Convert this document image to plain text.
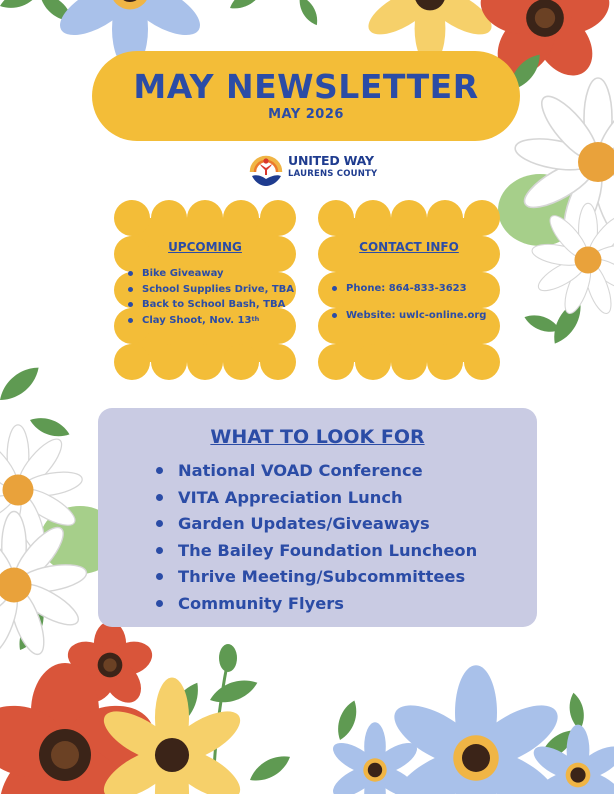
MAY NEWSLETTER
MAY 2026
UNITED WAY
LAURENS COUNTY
UPCOMING
Bike Giveaway
School Supplies Drive, TBA
Back to School Bash, TBA
Clay Shoot, Nov. 13th
CONTACT INFO
Phone: 864-833-3623
Website: uwlc-online.org
WHAT TO LOOK FOR
National VOAD Conference
VITA Appreciation Lunch
Garden Updates/Giveaways
The Bailey Foundation Luncheon
Thrive Meeting/Subcommittees
Community Flyers
